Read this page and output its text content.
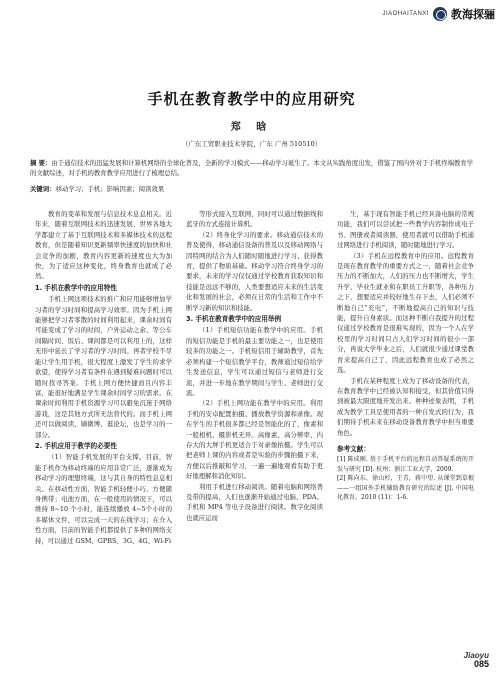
JIAOHAITANXI 教海探骊
手机在教育教学中的应用研究
郑 晗
（广东工贸职业技术学院，广东 广州 510510）
摘 要：由于通信技术的迅猛发展和计算机网络的全球化普及，全新的学习模式——移动学习诞生了。本文从实践角度出发，借鉴了国内外对于手机终端教育学的文献综述，对手机的教育教学应用进行了梳理总结。
关键词：移动学习；手机；影响因素；阅读效果

教育的变革和发展与信息技术息息相关。近年来，随着互联网技术的迅速发展，世界各地大学都建立了基于互联网技术和多媒体技术的远程教育，但是随着知识更新频率快速度的加快和社会竞争的加剧，教育内容更新的速度也大为加快，为了适应这种变化，终身教育也就成了必然。

1. 手机在教学中的应用特性

手机上网这项技术的推广和应用能够增加学习者的学习时间和提高学习效率。因为手机上网能够把学习者零散的时间利用起来，课余时间有可能变成了学习的时间，户外运动之余、等公车间隔时间、饭后、课间都是可以利用上的，这样无形中延长了学习者的学习时间。再者学校不尽能让学生用手机，很大程度上激发了学生的求学欲望，使得学习者有条件在遇到疑难问题时可以随时找寻答案。手机上网方便快捷而且内容丰富，能很好地满足学生课余时间学习的需求。在课余时间利用手机资源学习可以避免沉迷于网络游戏，这是其他方式所无法替代的。而手机上网还可以做阅读、刷微博、逛论坛，也是学习的一部分。

2. 手机应用于教学的必要性

（1）智能手机发展的平台支撑。目前，智能手机作为移动终端的应用非常广泛，逐渐成为移动学习的理想终端，这与其自身的特性息息相关。在移动性方面，智能手机轻便小巧、方便随身携带；电池方面，在一般使用的情况下，可以维持 8~10 个小时，能连续播放 4~5个小时的多媒体文件，可以完成一天的在线学习；在介入性方面，目前的智能手机都提供了多种的网络支持，可以通过 GSM、GPRS、3G、4G、Wi-Fi

等形式接入互联网，同时可以通过数据线和蓝牙的方式连接计算机。

（2）终身化学习的要求。移动通信技术的普及使得，移动通信设备的普及以及移动网络与因特网的结合为人们随时随地进行学习、获得教育，提供了物质基础。移动学习符合终身学习的要求，未来的学习仅仅通过学校教育获取知识和技能是远远不够的，人类要想适应未来的生活变化和发展的社会，必须在日常的生活和工作中不断学习新的知识和技能。

3. 手机在教育教学中的应用举例

（1）手机短信功能在教学中的应用。手机的短信功能是手机的最主要功能之一，也是使用较多的功能之一。手机短信用于辅助教学，首先必须构建一个短信教学平台，教师通过短信给学生发送信息，学生可以通过短信与老师进行交流，并进一步地在教学期间与学生、老师进行交流。

（2）手机上网功能在教学中的应用。利用手机的安卓配置拍摄、播放教学资源和录像。现在学生的手机很多都已经是智能化的了，像素和一般相机、摄影机无异。高像素、高分辨率、内存大的大屏手机更适合于对录像拍摄。学生可以把老师上课的内容或者是实验的步骤拍摄下来，方便以后推敲和学习，一遍一遍地观看有助于更好地理解和消化知识。

利用手机进行移动阅读。随着电脑和网络普及带的提高，人们也逐渐开始通过电脑、PDA、手机和 MP4 等电子设备进行阅读。数字化阅读也就应运而

生，基于现有智能手机已经具备电脑的常规功能，我们可以尝试把一些教学内容制作成电子书、图册或者阅读器，使用者就可以借助手机通过网络进行手机阅读，随时随地进行学习。

（3）手机在远程教育中的应用。远程教育是现在教育教学的重要方式之一，随着社会竞争压力的不断加大，人们的压力也不断增大，学生升学、毕业生就业和在职员工升职等，各种压力之下，想要适应并较好地生存下去，人们必须不断地自己“充电”，不断地提高自己的知识与技能，提升自身素质。而这种不断自我提升的过程仅通过学校教育是很难实现的，因为一个人在学校里的学习时间只占人们学习时间的很小一部分，再说大学毕业之后，人们就很少通过课堂教育来提高自己了，因此远程教育也成了必然之选。

手机在某种程度上成为了移动设备的代表，在教育教学中已经被认知和接受，但其价值只得到被最大限度地开发出来。种种迹象表明，手机成为教学工具是使用者的一种自发式的行为，我们期待手机未来在移动设备教育教学中担当重要角色。

参考文献：

[1] 陈成刚. 基于手机平台的远程自动答疑系统的开发与研究 [D]. 杭州：浙江工业大学，2009.

[2] 陈向东，徐山杉，王青，蒋中望. 从课堂到草根——一组国外手机辅助教育研究的综述 [J]. 中国电化教育，2010 (11)：1-6.

Jiaoyu
085
